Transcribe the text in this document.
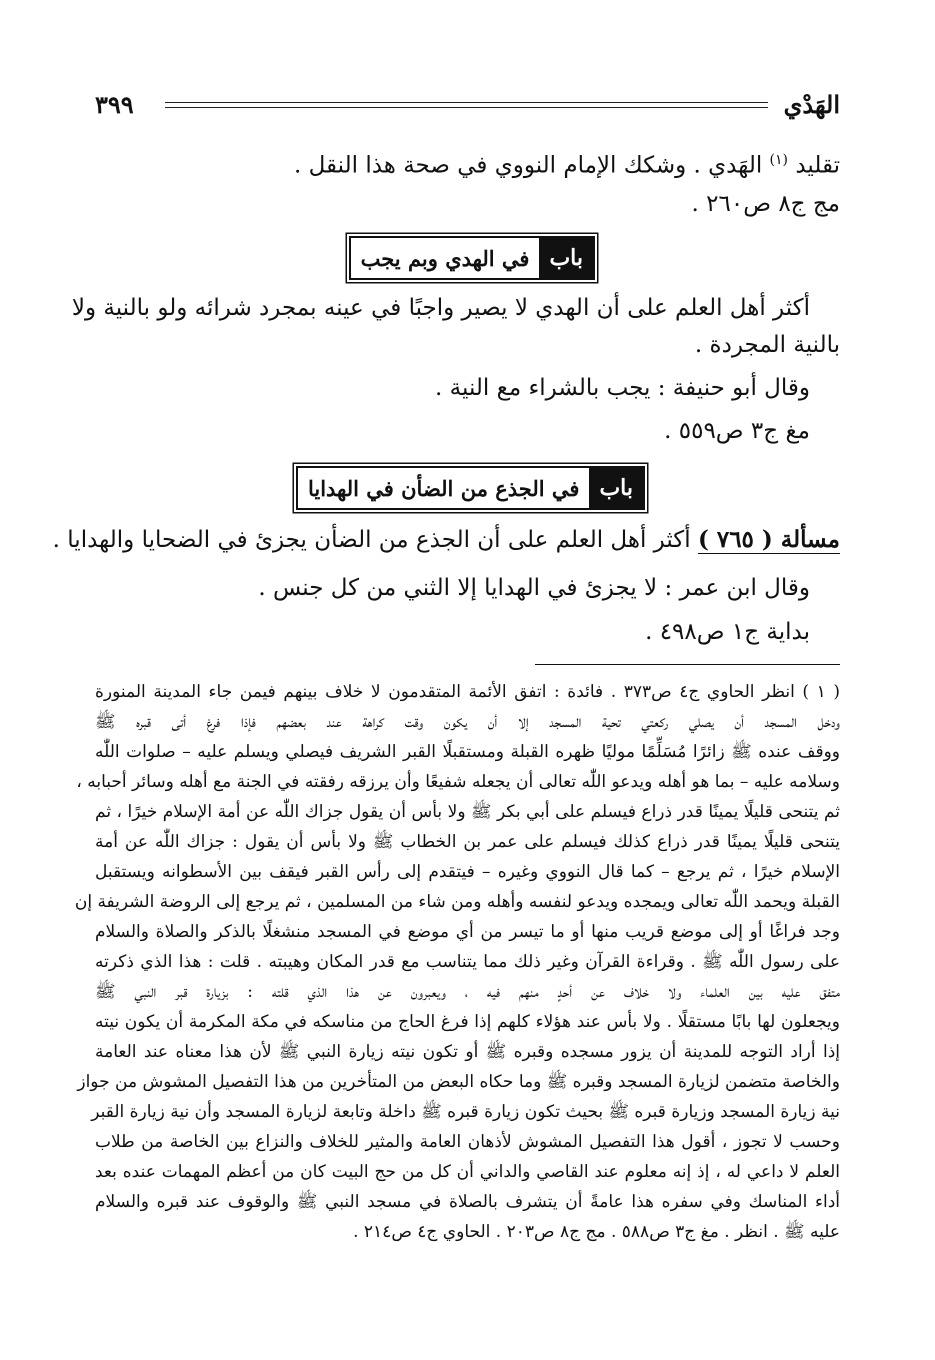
الهَدْي
٣٩٩
تقليد $^{(١)}$ الهَدي . وشكك الإمام النووي في صحة هذا النقل .
مج ج٨ ص٢٦٠ .
باب
في الهدي وبم يجب
أكثر أهل العلم على أن الهدي لا يصير واجبًا في عينه بمجرد شرائه ولو بالنية ولا
بالنية المجردة .
وقال أبو حنيفة : يجب بالشراء مع النية .
مغ ج٣ ص٥٥٩ .
باب
في الجذع من الضأن في الهدايا
مسألة ( ٧٦٥ ) أكثر أهل العلم على أن الجذع من الضأن يجزئ في الضحايا والهدايا .
وقال ابن عمر : لا يجزئ في الهدايا إلا الثني من كل جنس .
بداية ج١ ص٤٩٨ .
( ١ ) انظر الحاوي ج٤ ص٣٧٣ . فائدة : اتفق الأئمة المتقدمون لا خلاف بينهم فيمن جاء المدينة المنورة
ودخل المسجد أن يصلي ركعتي تحية المسجد إلا أن يكون وقت كراهة عند بعضهم فإذا فرغ أتى قبره ﷺ
ووقف عنده ﷺ زائرًا مُسَلِّمًا موليًا ظهره القبلة ومستقبلًا القبر الشريف فيصلي ويسلم عليه – صلوات اللّٰه
وسلامه عليه – بما هو أهله ويدعو اللّٰه تعالى أن يجعله شفيعًا وأن يرزقه رفقته في الجنة مع أهله وسائر أحبابه ،
ثم يتنحى قليلًا يمينًا قدر ذراع فيسلم على أبي بكر ﷺ ولا بأس أن يقول جزاك اللّٰه عن أمة الإسلام خيرًا ، ثم
يتنحى قليلًا يمينًا قدر ذراع كذلك فيسلم على عمر بن الخطاب ﷺ ولا بأس أن يقول : جزاك اللّٰه عن أمة
الإسلام خيرًا ، ثم يرجع – كما قال النووي وغيره – فيتقدم إلى رأس القبر فيقف بين الأسطوانه ويستقبل
القبلة ويحمد اللّٰه تعالى ويمجده ويدعو لنفسه وأهله ومن شاء من المسلمين ، ثم يرجع إلى الروضة الشريفة إن
وجد فراغًا أو إلى موضع قريب منها أو ما تيسر من أي موضع في المسجد منشغلًا بالذكر والصلاة والسلام
على رسول اللّٰه ﷺ . وقراءة القرآن وغير ذلك مما يتناسب مع قدر المكان وهيبته . قلت : هذا الذي ذكرته
متفق عليه بين العلماء ولا خلاف عن أحدٍ منهم فيه ، ويعبرون عن هذا الذي قلته : بزيارة قبر النبي ﷺ
ويجعلون لها بابًا مستقلًا . ولا بأس عند هؤلاء كلهم إذا فرغ الحاج من مناسكه في مكة المكرمة أن يكون نيته
إذا أراد التوجه للمدينة أن يزور مسجده وقبره ﷺ أو تكون نيته زيارة النبي ﷺ لأن هذا معناه عند العامة
والخاصة متضمن لزيارة المسجد وقبره ﷺ وما حكاه البعض من المتأخرين من هذا التفصيل المشوش من جواز
نية زيارة المسجد وزيارة قبره ﷺ بحيث تكون زيارة قبره ﷺ داخلة وتابعة لزيارة المسجد وأن نية زيارة القبر
وحسب لا تجوز ، أقول هذا التفصيل المشوش لأذهان العامة والمثير للخلاف والنزاع بين الخاصة من طلاب
العلم لا داعي له ، إذ إنه معلوم عند القاصي والداني أن كل من حج البيت كان من أعظم المهمات عنده بعد
أداء المناسك وفي سفره هذا عامةً أن يتشرف بالصلاة في مسجد النبي ﷺ والوقوف عند قبره والسلام
عليه ﷺ . انظر . مغ ج٣ ص٥٨٨ . مج ج٨ ص٢٠٣ . الحاوي ج٤ ص٢١٤ .
